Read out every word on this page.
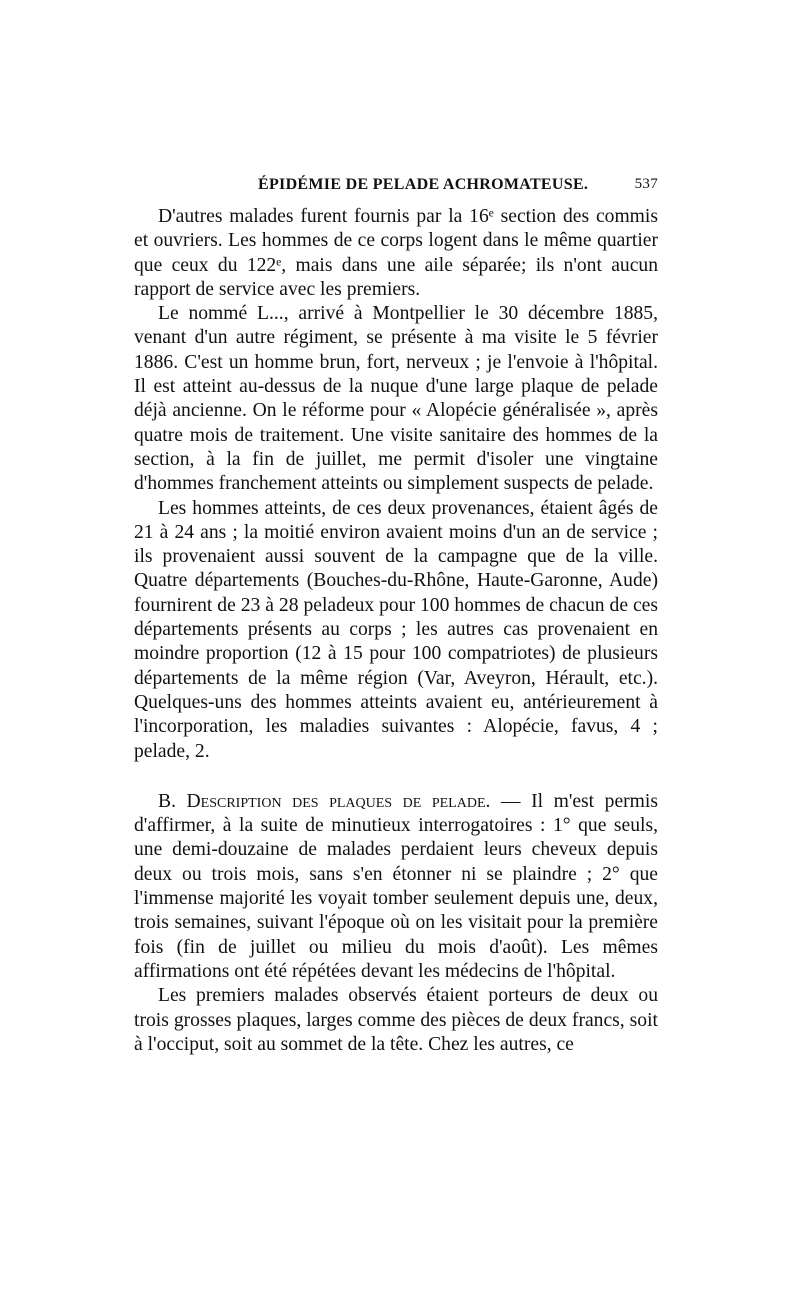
ÉPIDÉMIE DE PELADE ACHROMATEUSE.	537

D'autres malades furent fournis par la 16ᵉ section des commis et ouvriers. Les hommes de ce corps logent dans le même quartier que ceux du 122ᵉ, mais dans une aile séparée; ils n'ont aucun rapport de service avec les premiers.

Le nommé L..., arrivé à Montpellier le 30 décembre 1885, venant d'un autre régiment, se présente à ma visite le 5 février 1886. C'est un homme brun, fort, nerveux ; je l'envoie à l'hôpital. Il est atteint au-dessus de la nuque d'une large plaque de pelade déjà ancienne. On le réforme pour « Alopécie généralisée », après quatre mois de traitement. Une visite sanitaire des hommes de la section, à la fin de juillet, me permit d'isoler une vingtaine d'hommes franchement atteints ou simplement suspects de pelade.

Les hommes atteints, de ces deux provenances, étaient âgés de 21 à 24 ans ; la moitié environ avaient moins d'un an de service ; ils provenaient aussi souvent de la campagne que de la ville. Quatre départements (Bouches-du-Rhône, Haute-Garonne, Aude) fournirent de 23 à 28 peladeux pour 100 hommes de chacun de ces départements présents au corps ; les autres cas provenaient en moindre proportion (12 à 15 pour 100 compatriotes) de plusieurs départements de la même région (Var, Aveyron, Hérault, etc.). Quelques-uns des hommes atteints avaient eu, antérieurement à l'incorporation, les maladies suivantes : Alopécie, favus, 4 ; pelade, 2.

B. Description des plaques de pelade. — Il m'est permis d'affirmer, à la suite de minutieux interrogatoires : 1° que seuls, une demi-douzaine de malades perdaient leurs cheveux depuis deux ou trois mois, sans s'en étonner ni se plaindre ; 2° que l'immense majorité les voyait tomber seulement depuis une, deux, trois semaines, suivant l'époque où on les visitait pour la première fois (fin de juillet ou milieu du mois d'août). Les mêmes affirmations ont été répétées devant les médecins de l'hôpital.

Les premiers malades observés étaient porteurs de deux ou trois grosses plaques, larges comme des pièces de deux francs, soit à l'occiput, soit au sommet de la tête. Chez les autres, ce
